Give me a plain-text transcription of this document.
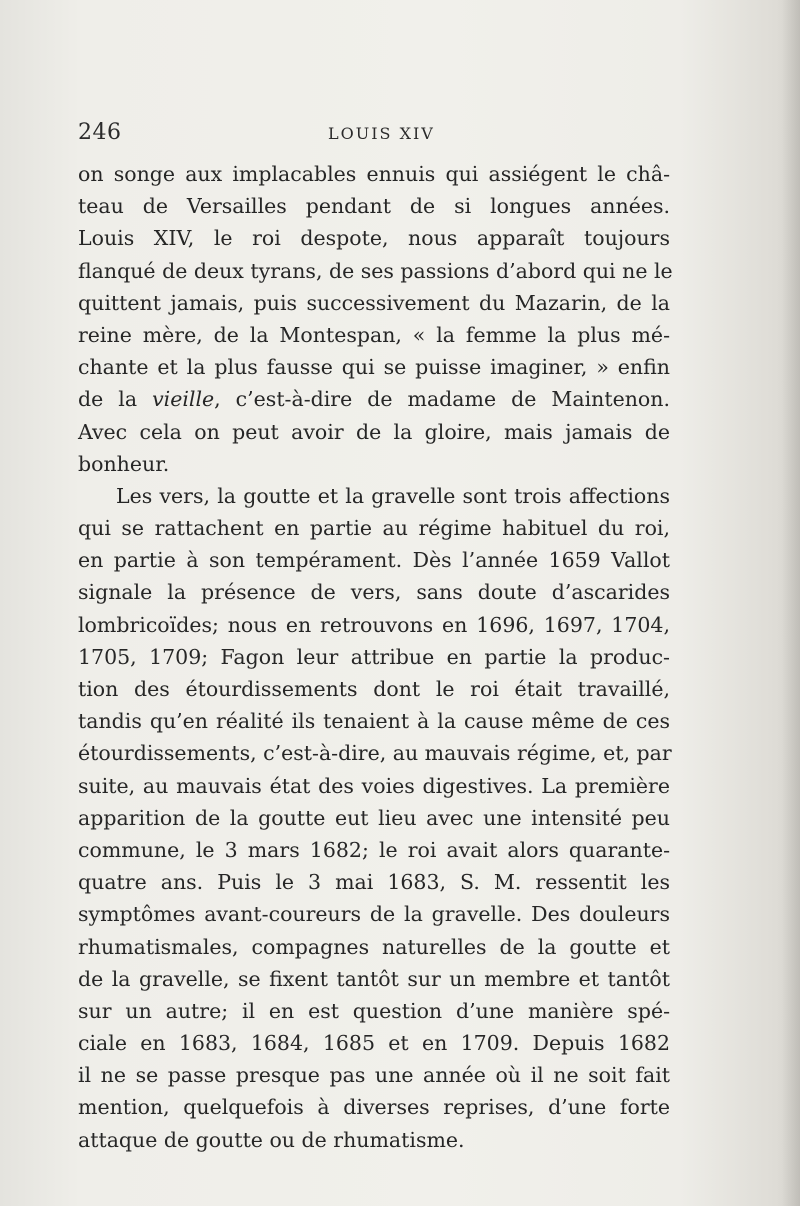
246	LOUIS XIV
on songe aux implacables ennuis qui assiégent le châ-
teau de Versailles pendant de si longues années.
Louis XIV, le roi despote, nous apparaît toujours
flanqué de deux tyrans, de ses passions d’abord qui ne le
quittent jamais, puis successivement du Mazarin, de la
reine mère, de la Montespan, « la femme la plus mé-
chante et la plus fausse qui se puisse imaginer, » enfin
de la vieille, c’est-à-dire de madame de Maintenon.
Avec cela on peut avoir de la gloire, mais jamais de
bonheur.
Les vers, la goutte et la gravelle sont trois affections
qui se rattachent en partie au régime habituel du roi,
en partie à son tempérament. Dès l’année 1659 Vallot
signale la présence de vers, sans doute d’ascarides
lombricoïdes; nous en retrouvons en 1696, 1697, 1704,
1705, 1709; Fagon leur attribue en partie la produc-
tion des étourdissements dont le roi était travaillé,
tandis qu’en réalité ils tenaient à la cause même de ces
étourdissements, c’est-à-dire, au mauvais régime, et, par
suite, au mauvais état des voies digestives. La première
apparition de la goutte eut lieu avec une intensité peu
commune, le 3 mars 1682; le roi avait alors quarante-
quatre ans. Puis le 3 mai 1683, S. M. ressentit les
symptômes avant-coureurs de la gravelle. Des douleurs
rhumatismales, compagnes naturelles de la goutte et
de la gravelle, se fixent tantôt sur un membre et tantôt
sur un autre; il en est question d’une manière spé-
ciale en 1683, 1684, 1685 et en 1709. Depuis 1682
il ne se passe presque pas une année où il ne soit fait
mention, quelquefois à diverses reprises, d’une forte
attaque de goutte ou de rhumatisme.
